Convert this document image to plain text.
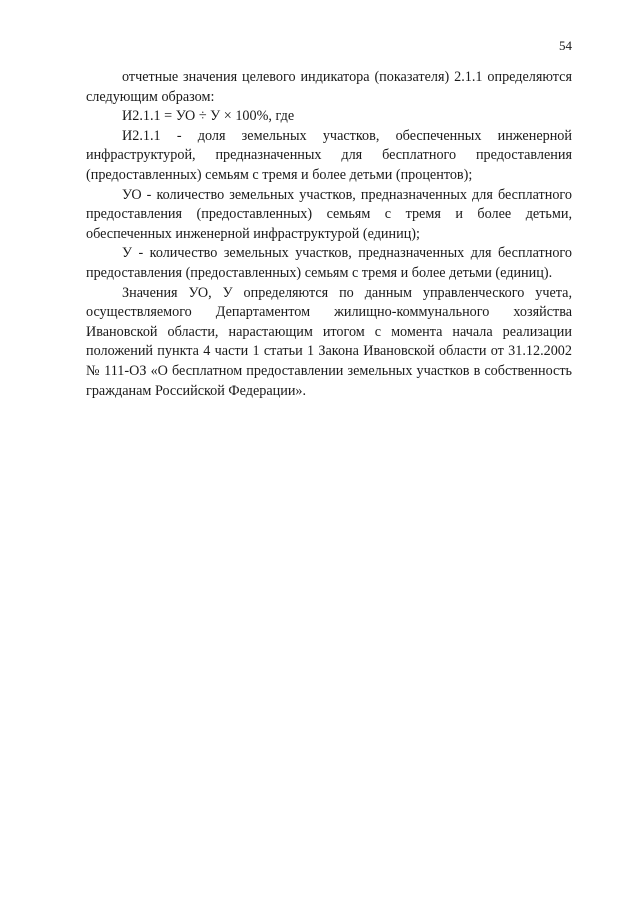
54

отчетные значения целевого индикатора (показателя) 2.1.1 определяются следующим образом:

И2.1.1 = УО ÷ У × 100%, где

И2.1.1 - доля земельных участков, обеспеченных инженерной инфраструктурой, предназначенных для бесплатного предоставления (предоставленных) семьям с тремя и более детьми (процентов);

УО - количество земельных участков, предназначенных для бесплатного предоставления (предоставленных) семьям с тремя и более детьми, обеспеченных инженерной инфраструктурой (единиц);

У - количество земельных участков, предназначенных для бесплатного предоставления (предоставленных) семьям с тремя и более детьми (единиц).

Значения УО, У определяются по данным управленческого учета, осуществляемого Департаментом жилищно-коммунального хозяйства Ивановской области, нарастающим итогом с момента начала реализации положений пункта 4 части 1 статьи 1 Закона Ивановской области от 31.12.2002 № 111-ОЗ «О бесплатном предоставлении земельных участков в собственность гражданам Российской Федерации».
